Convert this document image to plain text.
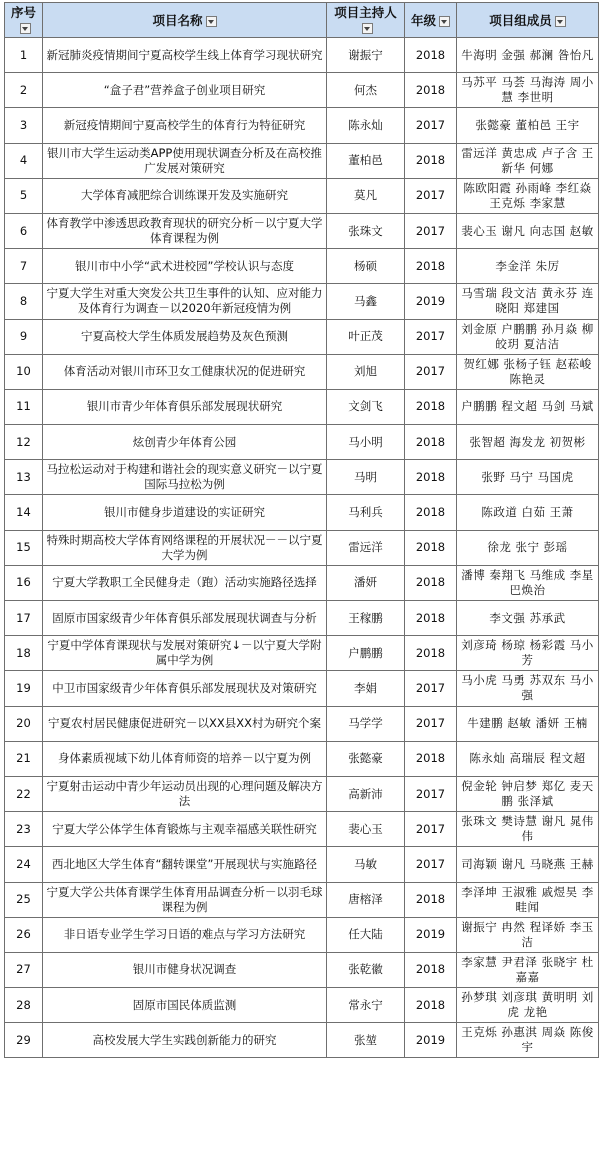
序号	项目名称	项目主持人	年级	项目组成员
1	新冠肺炎疫情期间宁夏高校学生线上体育学习现状研究	谢振宁	2018	牛海明 金强 郝澜 昝怡凡
2	“盒子君”营养盒子创业项目研究	何杰	2018	马苏平 马荟 马海涛 周小慧 李世明
3	新冠疫情期间宁夏高校学生的体育行为特征研究	陈永灿	2017	张懿豪 董柏邑 王宇
4	银川市大学生运动类APP使用现状调查分析及在高校推广发展对策研究	董柏邑	2018	雷远洋 黄忠成 卢子含 王新华 何娜
5	大学体育减肥综合训练课开发及实施研究	莫凡	2017	陈欧阳霞 孙雨峰 李红焱 王克烁 李家慧
6	体育教学中渗透思政教育现状的研究分析－以宁夏大学体育课程为例	张珠文	2017	裴心玉 谢凡 向志国 赵敏
7	银川市中小学“武术进校园”学校认识与态度	杨硕	2018	李金洋 朱厉
8	宁夏大学生对重大突发公共卫生事件的认知、应对能力及体育行为调查－以2020年新冠疫情为例	马鑫	2019	马雪瑞 段文洁 黄永芬 连晓阳 郑建国
9	宁夏高校大学生体质发展趋势及灰色预测	叶正茂	2017	刘金原 户鹏鹏 孙月焱 柳皎玥 夏洁洁
10	体育活动对银川市环卫女工健康状况的促进研究	刘旭	2017	贺红娜 张杨子钰 赵菘峻 陈艳灵
11	银川市青少年体育俱乐部发展现状研究	文剑飞	2018	户鹏鹏 程文超 马剑 马斌
12	炫创青少年体育公园	马小明	2018	张智超 海发龙 初贺彬
13	马拉松运动对于构建和谐社会的现实意义研究－以宁夏国际马拉松为例	马明	2018	张野 马宁 马国虎
14	银川市健身步道建设的实证研究	马利兵	2018	陈政道 白茹 王萧
15	特殊时期高校大学体育网络课程的开展状况－－以宁夏大学为例	雷远洋	2018	徐龙 张宁 彭瑶
16	宁夏大学教职工全民健身走（跑）活动实施路径选择	潘妍	2018	潘博 秦翔飞 马维成 李星 巴焕治
17	固原市国家级青少年体育俱乐部发展现状调查与分析	王稼鹏	2018	李文强 苏承武
18	宁夏中学体育课现状与发展对策研究↓－以宁夏大学附属中学为例	户鹏鹏	2018	刘彦琦 杨琼 杨彩霞 马小芳
19	中卫市国家级青少年体育俱乐部发展现状及对策研究	李娟	2017	马小虎 马勇 苏双东 马小强
20	宁夏农村居民健康促进研究－以XX县XX村为研究个案	马学学	2017	牛建鹏 赵敏 潘妍 王楠
21	身体素质视域下幼儿体育师资的培养－以宁夏为例	张懿豪	2018	陈永灿 高瑞辰 程文超
22	宁夏射击运动中青少年运动员出现的心理问题及解决方法	高新沛	2017	倪金轮 钟启梦 郑亿 麦天鹏 张泽斌
23	宁夏大学公体学生体育锻炼与主观幸福感关联性研究	裴心玉	2017	张珠文 樊诗慧 谢凡 晁伟伟
24	西北地区大学生体育“翻转课堂”开展现状与实施路径	马敏	2017	司海颖 谢凡 马晓燕 王赫
25	宁夏大学公共体育课学生体育用品调查分析－以羽毛球课程为例	唐榕泽	2018	李泽坤 王淑雅 戚煜昊 李畦闻
26	非日语专业学生学习日语的难点与学习方法研究	任大陆	2019	谢振宁 冉然 程译娇 李玉洁
27	银川市健身状况调查	张乾徽	2018	李家慧 尹君泽 张晓宇 杜嘉嘉
28	固原市国民体质监测	常永宁	2018	孙梦琪 刘彦琪 黄明明 刘虎 龙艳
29	高校发展大学生实践创新能力的研究	张堃	2019	王克烁 孙惠淇 周焱 陈俊宇
